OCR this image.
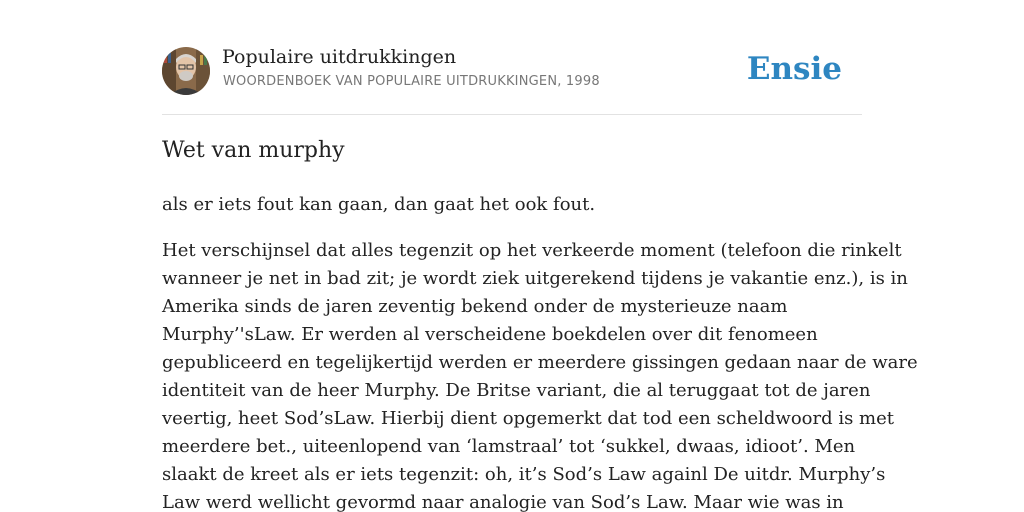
Populaire uitdrukkingen
WOORDENBOEK VAN POPULAIRE UITDRUKKINGEN, 1998	Ensie
Wet van murphy

als er iets fout kan gaan, dan gaat het ook fout.

Het verschijnsel dat alles tegenzit op het verkeerde moment (telefoon die rinkelt
wanneer je net in bad zit; je wordt ziek uitgerekend tijdens je vakantie enz.), is in
Amerika sinds de jaren zeventig bekend onder de mysterieuze naam
Murphy’'sLaw. Er werden al verscheidene boekdelen over dit fenomeen
gepubliceerd en tegelijkertijd werden er meerdere gissingen gedaan naar de ware
identiteit van de heer Murphy. De Britse variant, die al teruggaat tot de jaren
veertig, heet Sod’sLaw. Hierbij dient opgemerkt dat tod een scheldwoord is met
meerdere bet., uiteenlopend van ‘lamstraal’ tot ‘sukkel, dwaas, idioot’. Men
slaakt de kreet als er iets tegenzit: oh, it’s Sod’s Law againl De uitdr. Murphy’s
Law werd wellicht gevormd naar analogie van Sod’s Law. Maar wie was in
